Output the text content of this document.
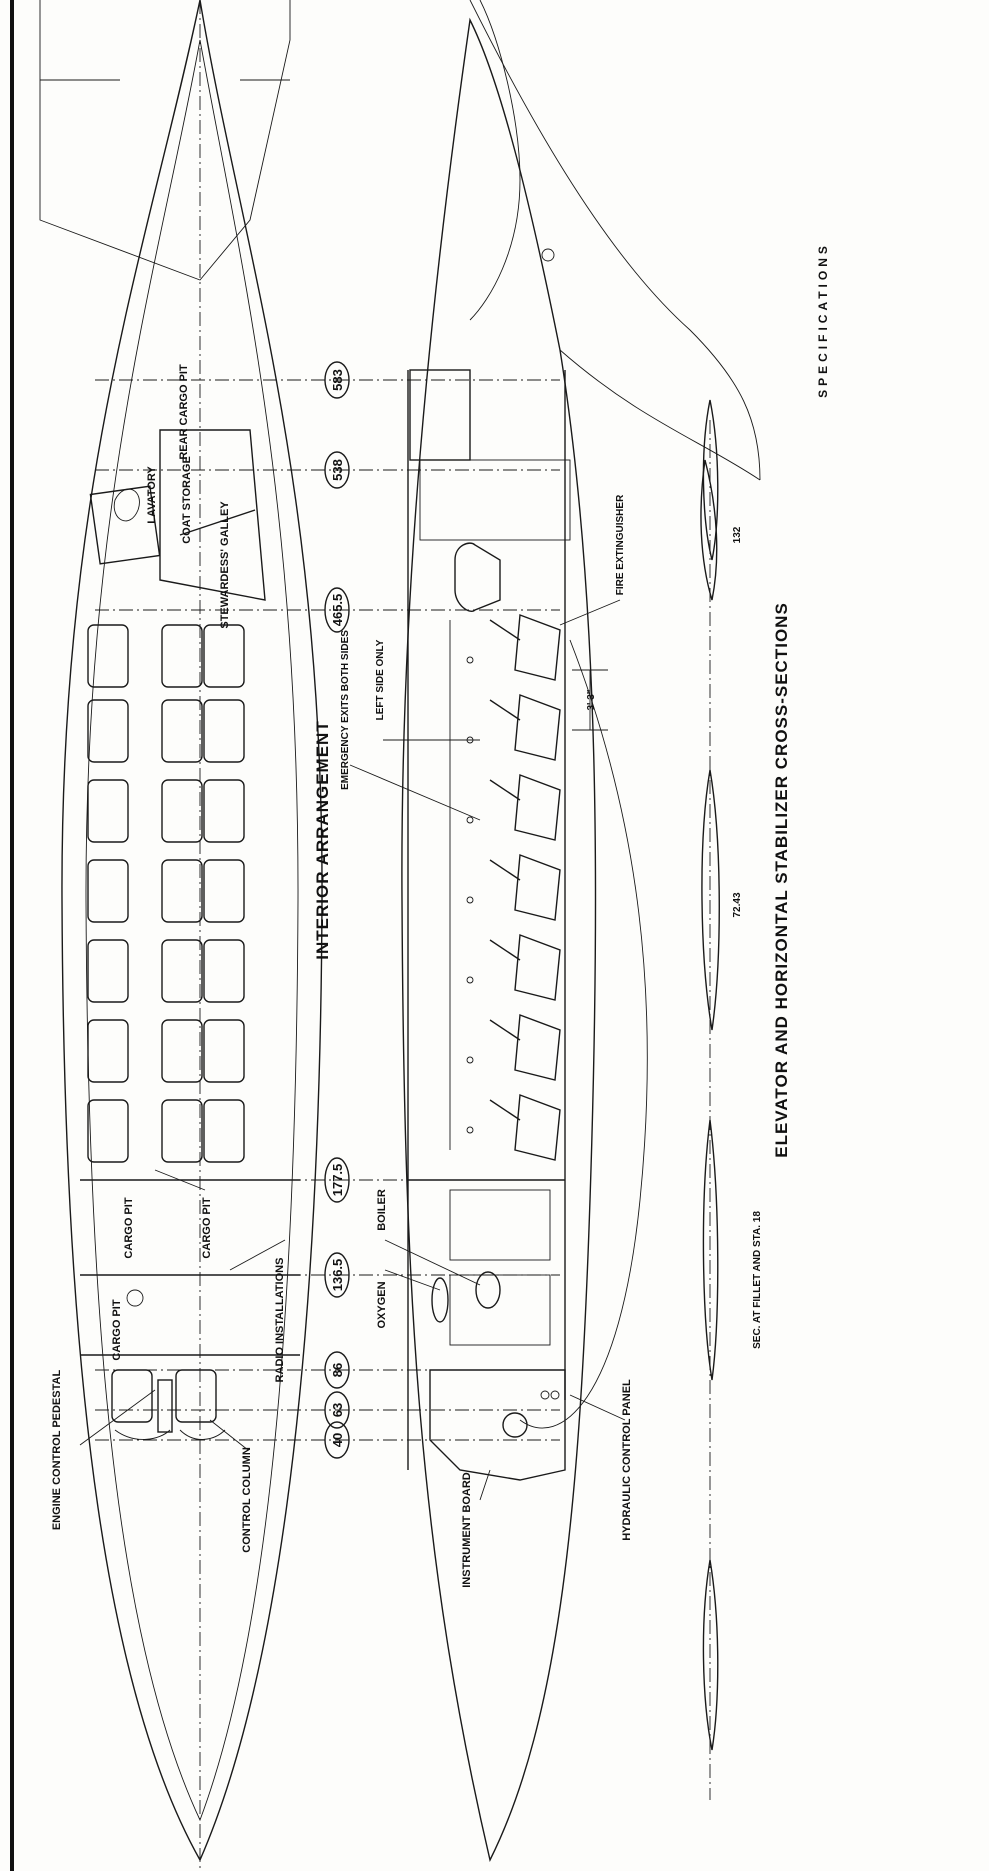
40
63
86
136.5
177.5
465.5
538
583
INTERIOR ARRANGEMENT	ELEVATOR AND HORIZONTAL STABILIZER CROSS-SECTIONS
SPECIFICATIONS
LAVATORY COAT STORAGE
REAR CARGO PIT
STEWARDESS' GALLEY
CARGO PIT	CARGO PIT
CARGO PIT	RADIO INSTALLATIONS
ENGINE CONTROL PEDESTAL	CONTROL COLUMN
EMERGENCY EXITS BOTH SIDES LEFT SIDE ONLY
FIRE EXTINGUISHER
BOILER
OXYGEN
INSTRUMENT BOARD	HYDRAULIC CONTROL PANEL
3' 3"
SEC. AT FILLET AND STA. 18
72.43
132
